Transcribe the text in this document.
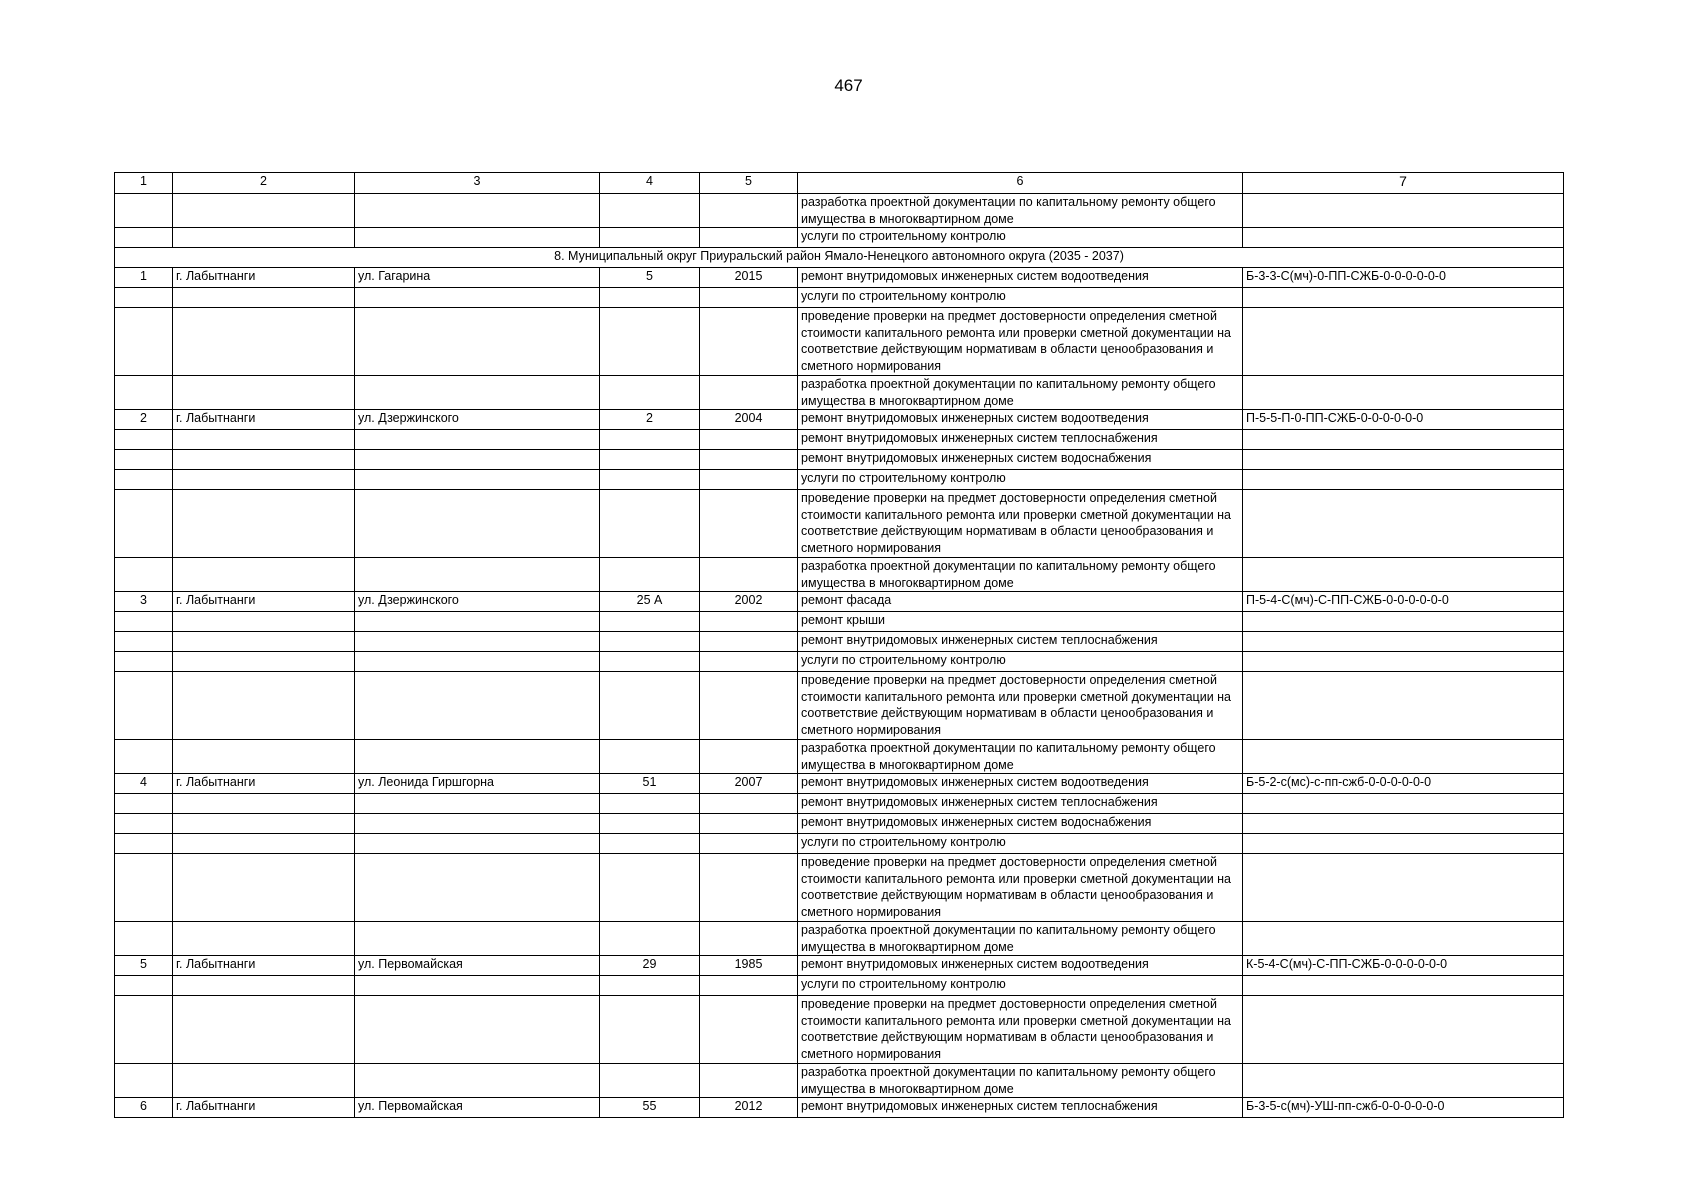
467
1	2	3	4	5	6	7
					разработка проектной документации по капитальному ремонту общего имущества в многоквартирном доме	
					услуги по строительному контролю	
8. Муниципальный округ Приуральский район Ямало-Ненецкого автономного округа (2035 - 2037)						
1	г. Лабытнанги	ул. Гагарина	5	2015	ремонт внутридомовых инженерных систем водоотведения	Б-3-3-С(мч)-0-ПП-СЖБ-0-0-0-0-0-0
					услуги по строительному контролю	
					проведение проверки на предмет достоверности определения сметной стоимости капитального ремонта или проверки сметной документации на соответствие действующим нормативам в области ценообразования и сметного нормирования	
					разработка проектной документации по капитальному ремонту общего имущества в многоквартирном доме	
2	г. Лабытнанги	ул. Дзержинского	2	2004	ремонт внутридомовых инженерных систем водоотведения	П-5-5-П-0-ПП-СЖБ-0-0-0-0-0-0
					ремонт внутридомовых инженерных систем теплоснабжения	
					ремонт внутридомовых инженерных систем водоснабжения	
					услуги по строительному контролю	
					проведение проверки на предмет достоверности определения сметной стоимости капитального ремонта или проверки сметной документации на соответствие действующим нормативам в области ценообразования и сметного нормирования	
					разработка проектной документации по капитальному ремонту общего имущества в многоквартирном доме	
3	г. Лабытнанги	ул. Дзержинского	25 А	2002	ремонт фасада	П-5-4-С(мч)-С-ПП-СЖБ-0-0-0-0-0-0
					ремонт крыши	
					ремонт внутридомовых инженерных систем теплоснабжения	
					услуги по строительному контролю	
					проведение проверки на предмет достоверности определения сметной стоимости капитального ремонта или проверки сметной документации на соответствие действующим нормативам в области ценообразования и сметного нормирования	
					разработка проектной документации по капитальному ремонту общего имущества в многоквартирном доме	
4	г. Лабытнанги	ул. Леонида Гиршгорна	51	2007	ремонт внутридомовых инженерных систем водоотведения	Б-5-2-с(мс)-с-пп-сжб-0-0-0-0-0-0
					ремонт внутридомовых инженерных систем теплоснабжения	
					ремонт внутридомовых инженерных систем водоснабжения	
					услуги по строительному контролю	
					проведение проверки на предмет достоверности определения сметной стоимости капитального ремонта или проверки сметной документации на соответствие действующим нормативам в области ценообразования и сметного нормирования	
					разработка проектной документации по капитальному ремонту общего имущества в многоквартирном доме	
5	г. Лабытнанги	ул. Первомайская	29	1985	ремонт внутридомовых инженерных систем водоотведения	К-5-4-С(мч)-С-ПП-СЖБ-0-0-0-0-0-0
					услуги по строительному контролю	
					проведение проверки на предмет достоверности определения сметной стоимости капитального ремонта или проверки сметной документации на соответствие действующим нормативам в области ценообразования и сметного нормирования	
					разработка проектной документации по капитальному ремонту общего имущества в многоквартирном доме	
6	г. Лабытнанги	ул. Первомайская	55	2012	ремонт внутридомовых инженерных систем теплоснабжения	Б-3-5-с(мч)-УШ-пп-сжб-0-0-0-0-0-0
